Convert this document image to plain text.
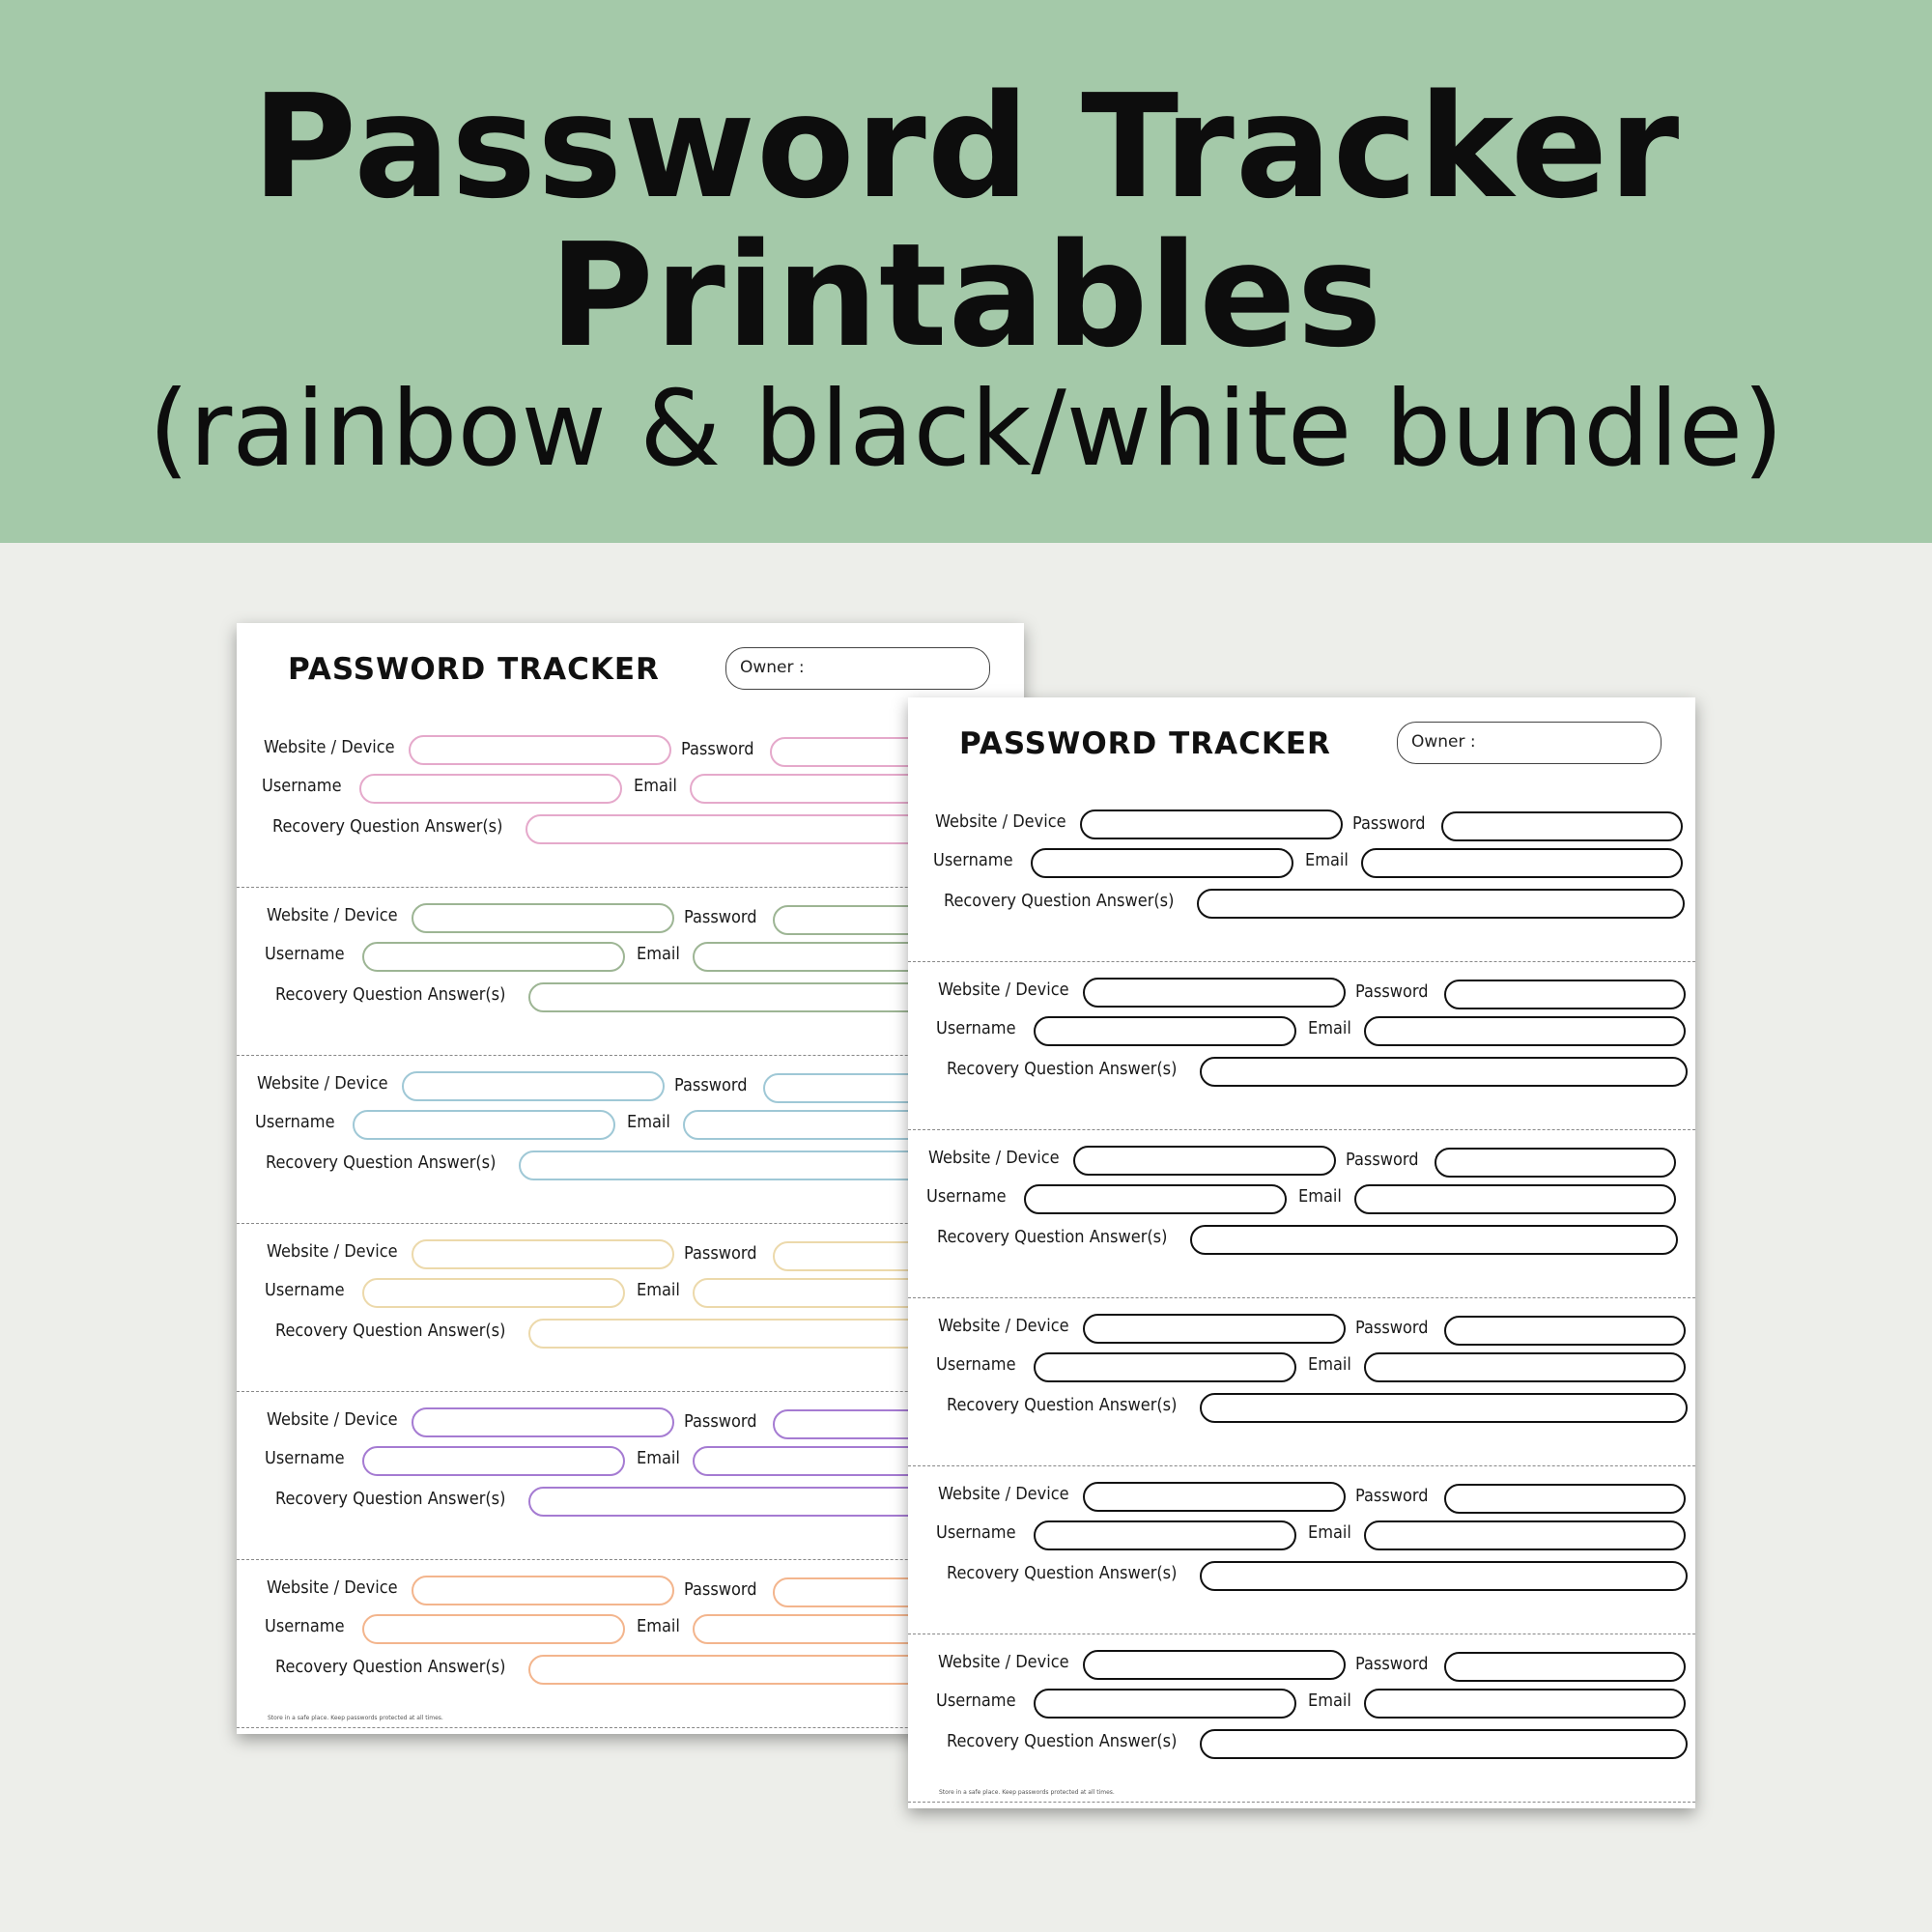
Password Tracker
Printables
(rainbow & black/white bundle)
PASSWORD TRACKER	Owner :
Website / Device	Password
Username	Email
Recovery Question Answer(s)
Website / Device	Password
Username	Email
Recovery Question Answer(s)
Website / Device	Password
Username	Email
Recovery Question Answer(s)
Website / Device	Password
Username	Email
Recovery Question Answer(s)
Website / Device	Password
Username	Email
Recovery Question Answer(s)
Website / Device	Password
Username	Email
Recovery Question Answer(s)
Store in a safe place. Keep passwords protected at all times.
PASSWORD TRACKER	Owner :
Website / Device	Password
Username	Email
Recovery Question Answer(s)
Website / Device	Password
Username	Email
Recovery Question Answer(s)
Website / Device	Password
Username	Email
Recovery Question Answer(s)
Website / Device	Password
Username	Email
Recovery Question Answer(s)
Website / Device	Password
Username	Email
Recovery Question Answer(s)
Website / Device	Password
Username	Email
Recovery Question Answer(s)
Store in a safe place. Keep passwords protected at all times.
